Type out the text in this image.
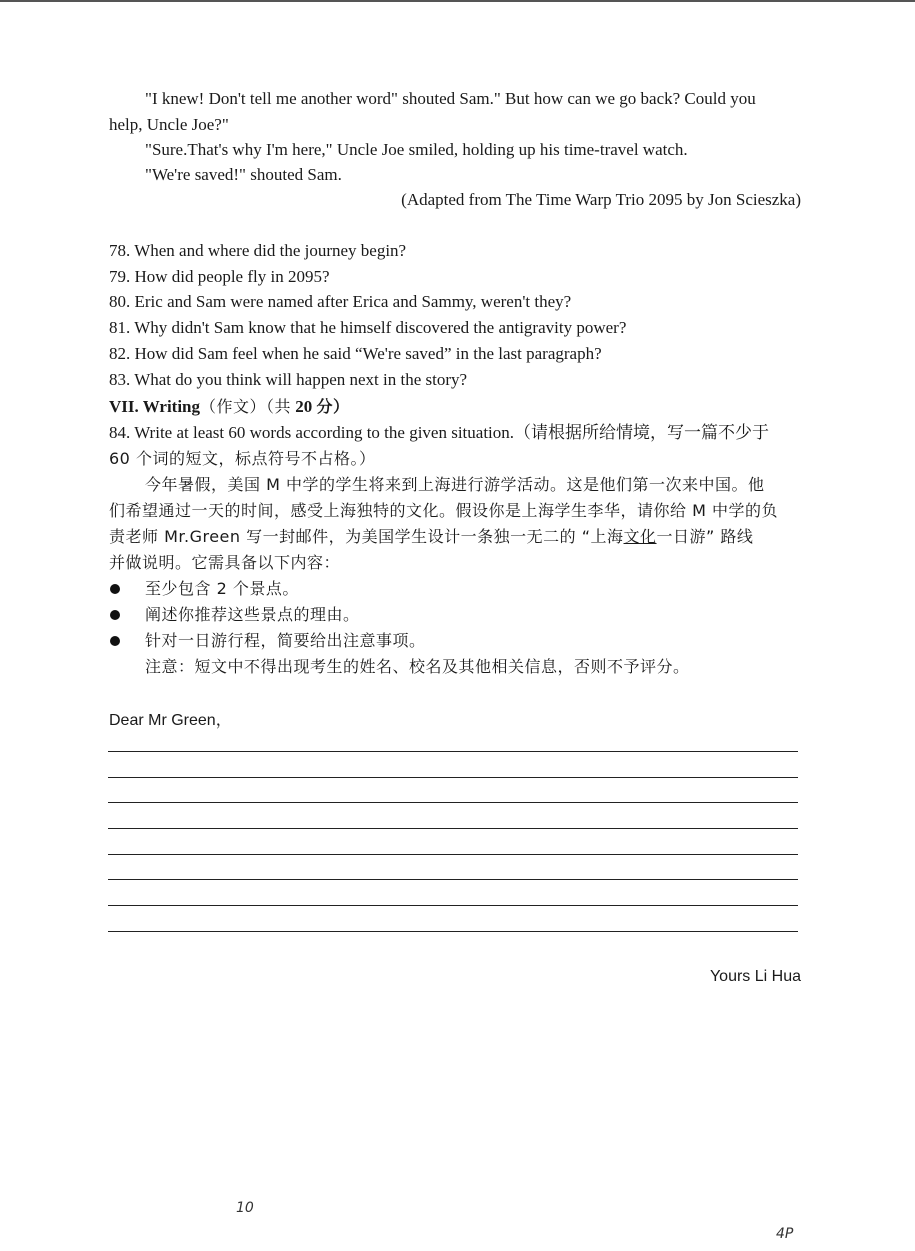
"I knew! Don't tell me another word" shouted Sam." But how can we go back? Could you
help, Uncle Joe?"
"Sure.That's why I'm here," Uncle Joe smiled, holding up his time-travel watch.
"We're saved!" shouted Sam.
(Adapted from The Time Warp Trio 2095 by Jon Scieszka)
78. When and where did the journey begin?
79. How did people fly in 2095?
80. Eric and Sam were named after Erica and Sammy, weren't they?
81. Why didn't Sam know that he himself discovered the antigravity power?
82. How did Sam feel when he said “We're saved” in the last paragraph?
83. What do you think will happen next in the story?
VII. Writing（作文）（共 20 分）
84. Write at least 60 words according to the given situation.（请根据所给情境，写一篇不少于
60 个词的短文，标点符号不占格。）
今年暑假，美国 M 中学的学生将来到上海进行游学活动。这是他们第一次来中国。他
们希望通过一天的时间，感受上海独特的文化。假设你是上海学生李华，请你给 M 中学的负
责老师 Mr.Green 写一封邮件，为美国学生设计一条独一无二的 “上海文化一日游” 路线
并做说明。它需具备以下内容：
至少包含 2 个景点。
阐述你推荐这些景点的理由。
针对一日游行程，简要给出注意事项。
注意：短文中不得出现考生的姓名、校名及其他相关信息，否则不予评分。
Dear Mr Green，
Yours Li Hua
10
4P
